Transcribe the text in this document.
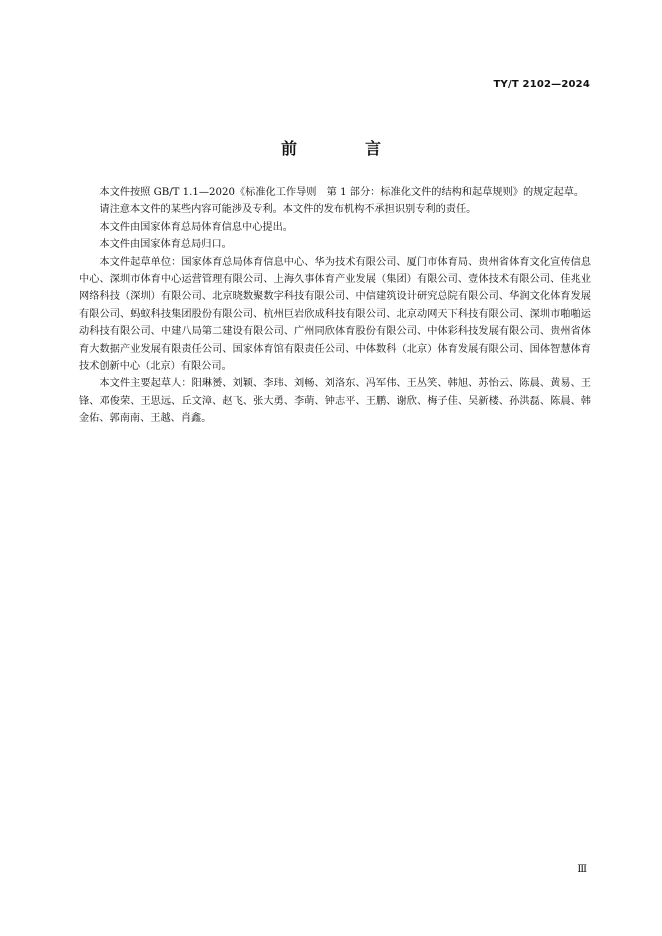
TY/T 2102—2024
前　言

本文件按照 GB/T 1.1—2020《标准化工作导则　第 1 部分：标准化文件的结构和起草规则》的规定起草。

请注意本文件的某些内容可能涉及专利。本文件的发布机构不承担识别专利的责任。

本文件由国家体育总局体育信息中心提出。

本文件由国家体育总局归口。

本文件起草单位：国家体育总局体育信息中心、华为技术有限公司、厦门市体育局、贵州省体育文化宣传信息中心、深圳市体育中心运营管理有限公司、上海久事体育产业发展（集团）有限公司、壹体技术有限公司、佳兆业网络科技（深圳）有限公司、北京晓数聚数字科技有限公司、中信建筑设计研究总院有限公司、华润文化体育发展有限公司、蚂蚁科技集团股份有限公司、杭州巨岩欣成科技有限公司、北京动网天下科技有限公司、深圳市啪啪运动科技有限公司、中建八局第二建设有限公司、广州同欣体育股份有限公司、中体彩科技发展有限公司、贵州省体育大数据产业发展有限责任公司、国家体育馆有限责任公司、中体数科（北京）体育发展有限公司、国体智慧体育技术创新中心（北京）有限公司。

本文件主要起草人：阳琳赟、刘颖、李玮、刘畅、刘洛东、冯军伟、王丛笑、韩旭、苏怡云、陈晨、黄易、王锋、邓俊荣、王思远、丘文漳、赵飞、张大勇、李萌、钟志平、王鹏、谢欣、梅子佳、吴新楼、孙洪磊、陈晨、韩金佑、郭南南、王越、肖鑫。

Ⅲ
